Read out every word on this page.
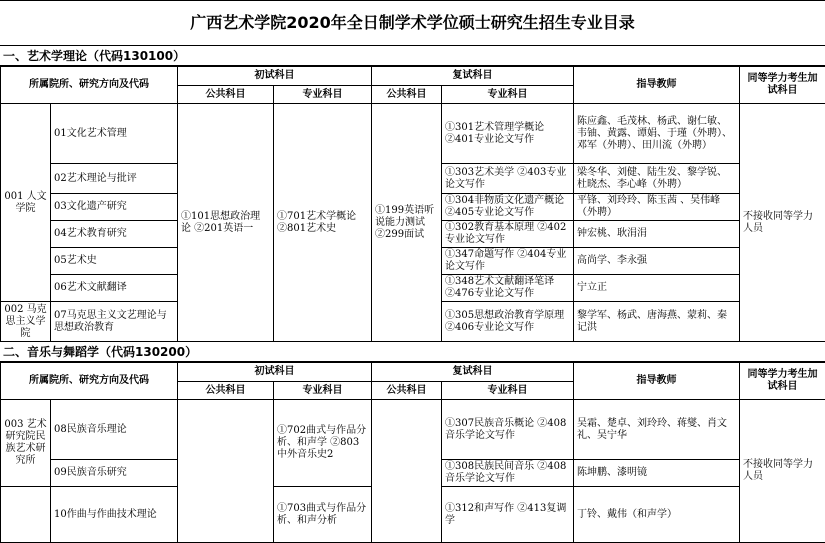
广西艺术学院2020年全日制学术学位硕士研究生招生专业目录
一、艺术学理论（代码130100）
所属院所、研究方向及代码		初试科目		复试科目		指导教师	同等学力考生加试科目
		公共科目	专业科目	公共科目	专业科目		
001 人文学院	01文化艺术管理	①101思想政治理论 ②201英语一	①701艺术学概论 ②801艺术史	①199英语听说能力测试 ②299面试	①301艺术管理学概论 ②401专业论文写作	陈应鑫、毛茂林、杨武、谢仁敏、韦铀、黄露、谭娟、于瑾（外聘）、邓军（外聘）、田川流（外聘）	不接收同等学力人员
	02艺术理论与批评				①303艺术美学 ②403专业论文写作	梁冬华、刘健、陆生发、黎学锐、杜晓杰、李心峰（外聘）	
	03文化遗产研究				①304非物质文化遗产概论 ②405专业论文写作	平锋、刘玲玲、陈玉茜 、吴伟峰（外聘）	
	04艺术教育研究				①302教育基本原理 ②402专业论文写作	钟宏桃、耿涓涓	
	05艺术史				①347命题写作 ②404专业论文写作	高尚学、李永强	
	06艺术文献翻译				①348艺术文献翻译笔译 ②476专业论文写作	宁立正	
002 马克思主义学院	07马克思主义文艺理论与思想政治教育				①305思想政治教育学原理 ②406专业论文写作	黎学军、杨武、唐海燕、蒙莉、秦记洪	
二、音乐与舞蹈学（代码130200）
所属院所、研究方向及代码		初试科目		复试科目		指导教师	同等学力考生加试科目
		公共科目	专业科目	公共科目	专业科目		
003 艺术研究院民族艺术研究所	08民族音乐理论		①702曲式与作品分析、和声学 ②803中外音乐史2		①307民族音乐概论 ②408音乐学论文写作	吴霜、楚卓、刘玲玲、蒋燮、肖文礼、吴宁华	不接收同等学力人员
	09民族音乐研究				①308民族民间音乐 ②408音乐学论文写作	陈坤鹏、漆明镜	
	10作曲与作曲技术理论		①703曲式与作品分析、和声分析		①312和声写作 ②413复调学	丁铃、戴伟（和声学）	
